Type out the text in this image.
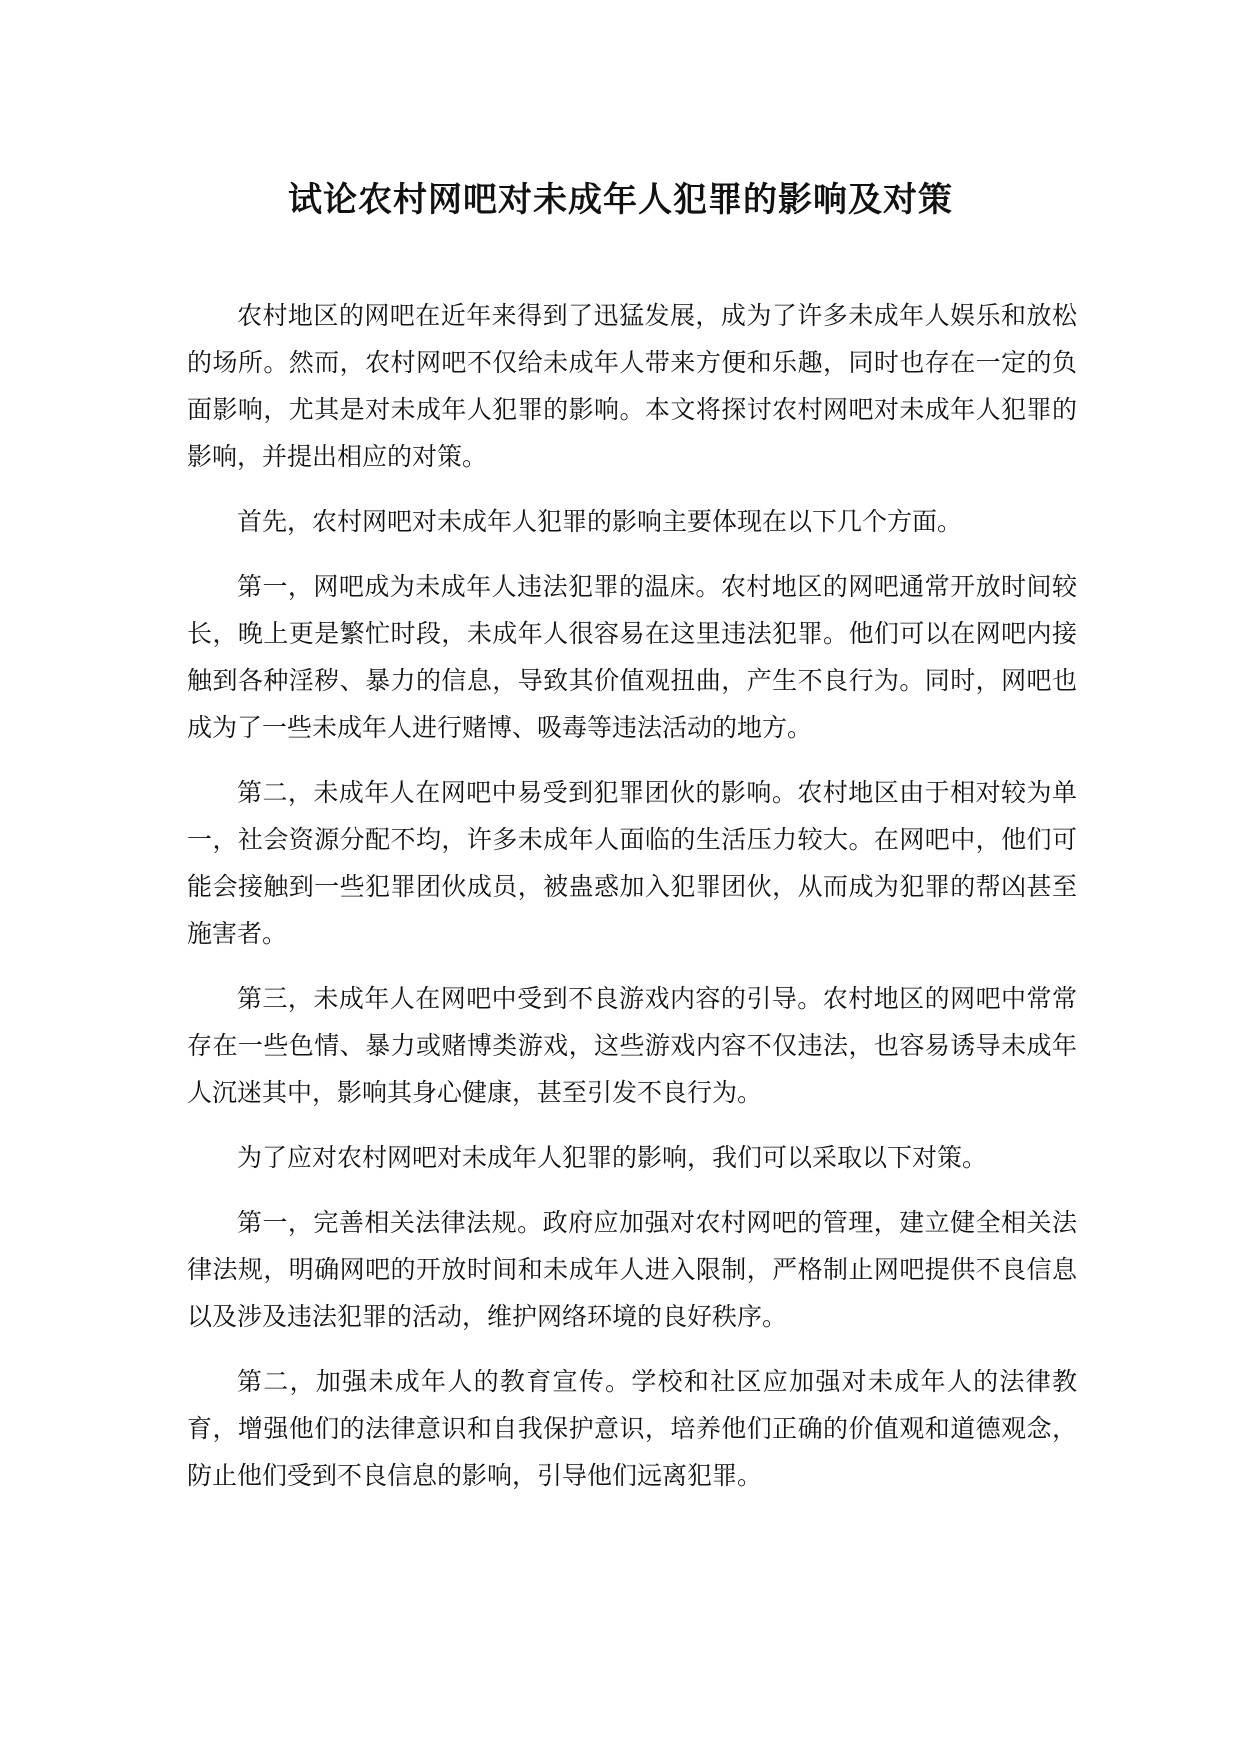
试论农村网吧对未成年人犯罪的影响及对策

农村地区的网吧在近年来得到了迅猛发展，成为了许多未成年人娱乐和放松的场所。然而，农村网吧不仅给未成年人带来方便和乐趣，同时也存在一定的负面影响，尤其是对未成年人犯罪的影响。本文将探讨农村网吧对未成年人犯罪的影响，并提出相应的对策。

首先，农村网吧对未成年人犯罪的影响主要体现在以下几个方面。

第一，网吧成为未成年人违法犯罪的温床。农村地区的网吧通常开放时间较长，晚上更是繁忙时段，未成年人很容易在这里违法犯罪。他们可以在网吧内接触到各种淫秽、暴力的信息，导致其价值观扭曲，产生不良行为。同时，网吧也成为了一些未成年人进行赌博、吸毒等违法活动的地方。

第二，未成年人在网吧中易受到犯罪团伙的影响。农村地区由于相对较为单一，社会资源分配不均，许多未成年人面临的生活压力较大。在网吧中，他们可能会接触到一些犯罪团伙成员，被蛊惑加入犯罪团伙，从而成为犯罪的帮凶甚至施害者。

第三，未成年人在网吧中受到不良游戏内容的引导。农村地区的网吧中常常存在一些色情、暴力或赌博类游戏，这些游戏内容不仅违法，也容易诱导未成年人沉迷其中，影响其身心健康，甚至引发不良行为。

为了应对农村网吧对未成年人犯罪的影响，我们可以采取以下对策。

第一，完善相关法律法规。政府应加强对农村网吧的管理，建立健全相关法律法规，明确网吧的开放时间和未成年人进入限制，严格制止网吧提供不良信息以及涉及违法犯罪的活动，维护网络环境的良好秩序。

第二，加强未成年人的教育宣传。学校和社区应加强对未成年人的法律教育，增强他们的法律意识和自我保护意识，培养他们正确的价值观和道德观念，防止他们受到不良信息的影响，引导他们远离犯罪。
